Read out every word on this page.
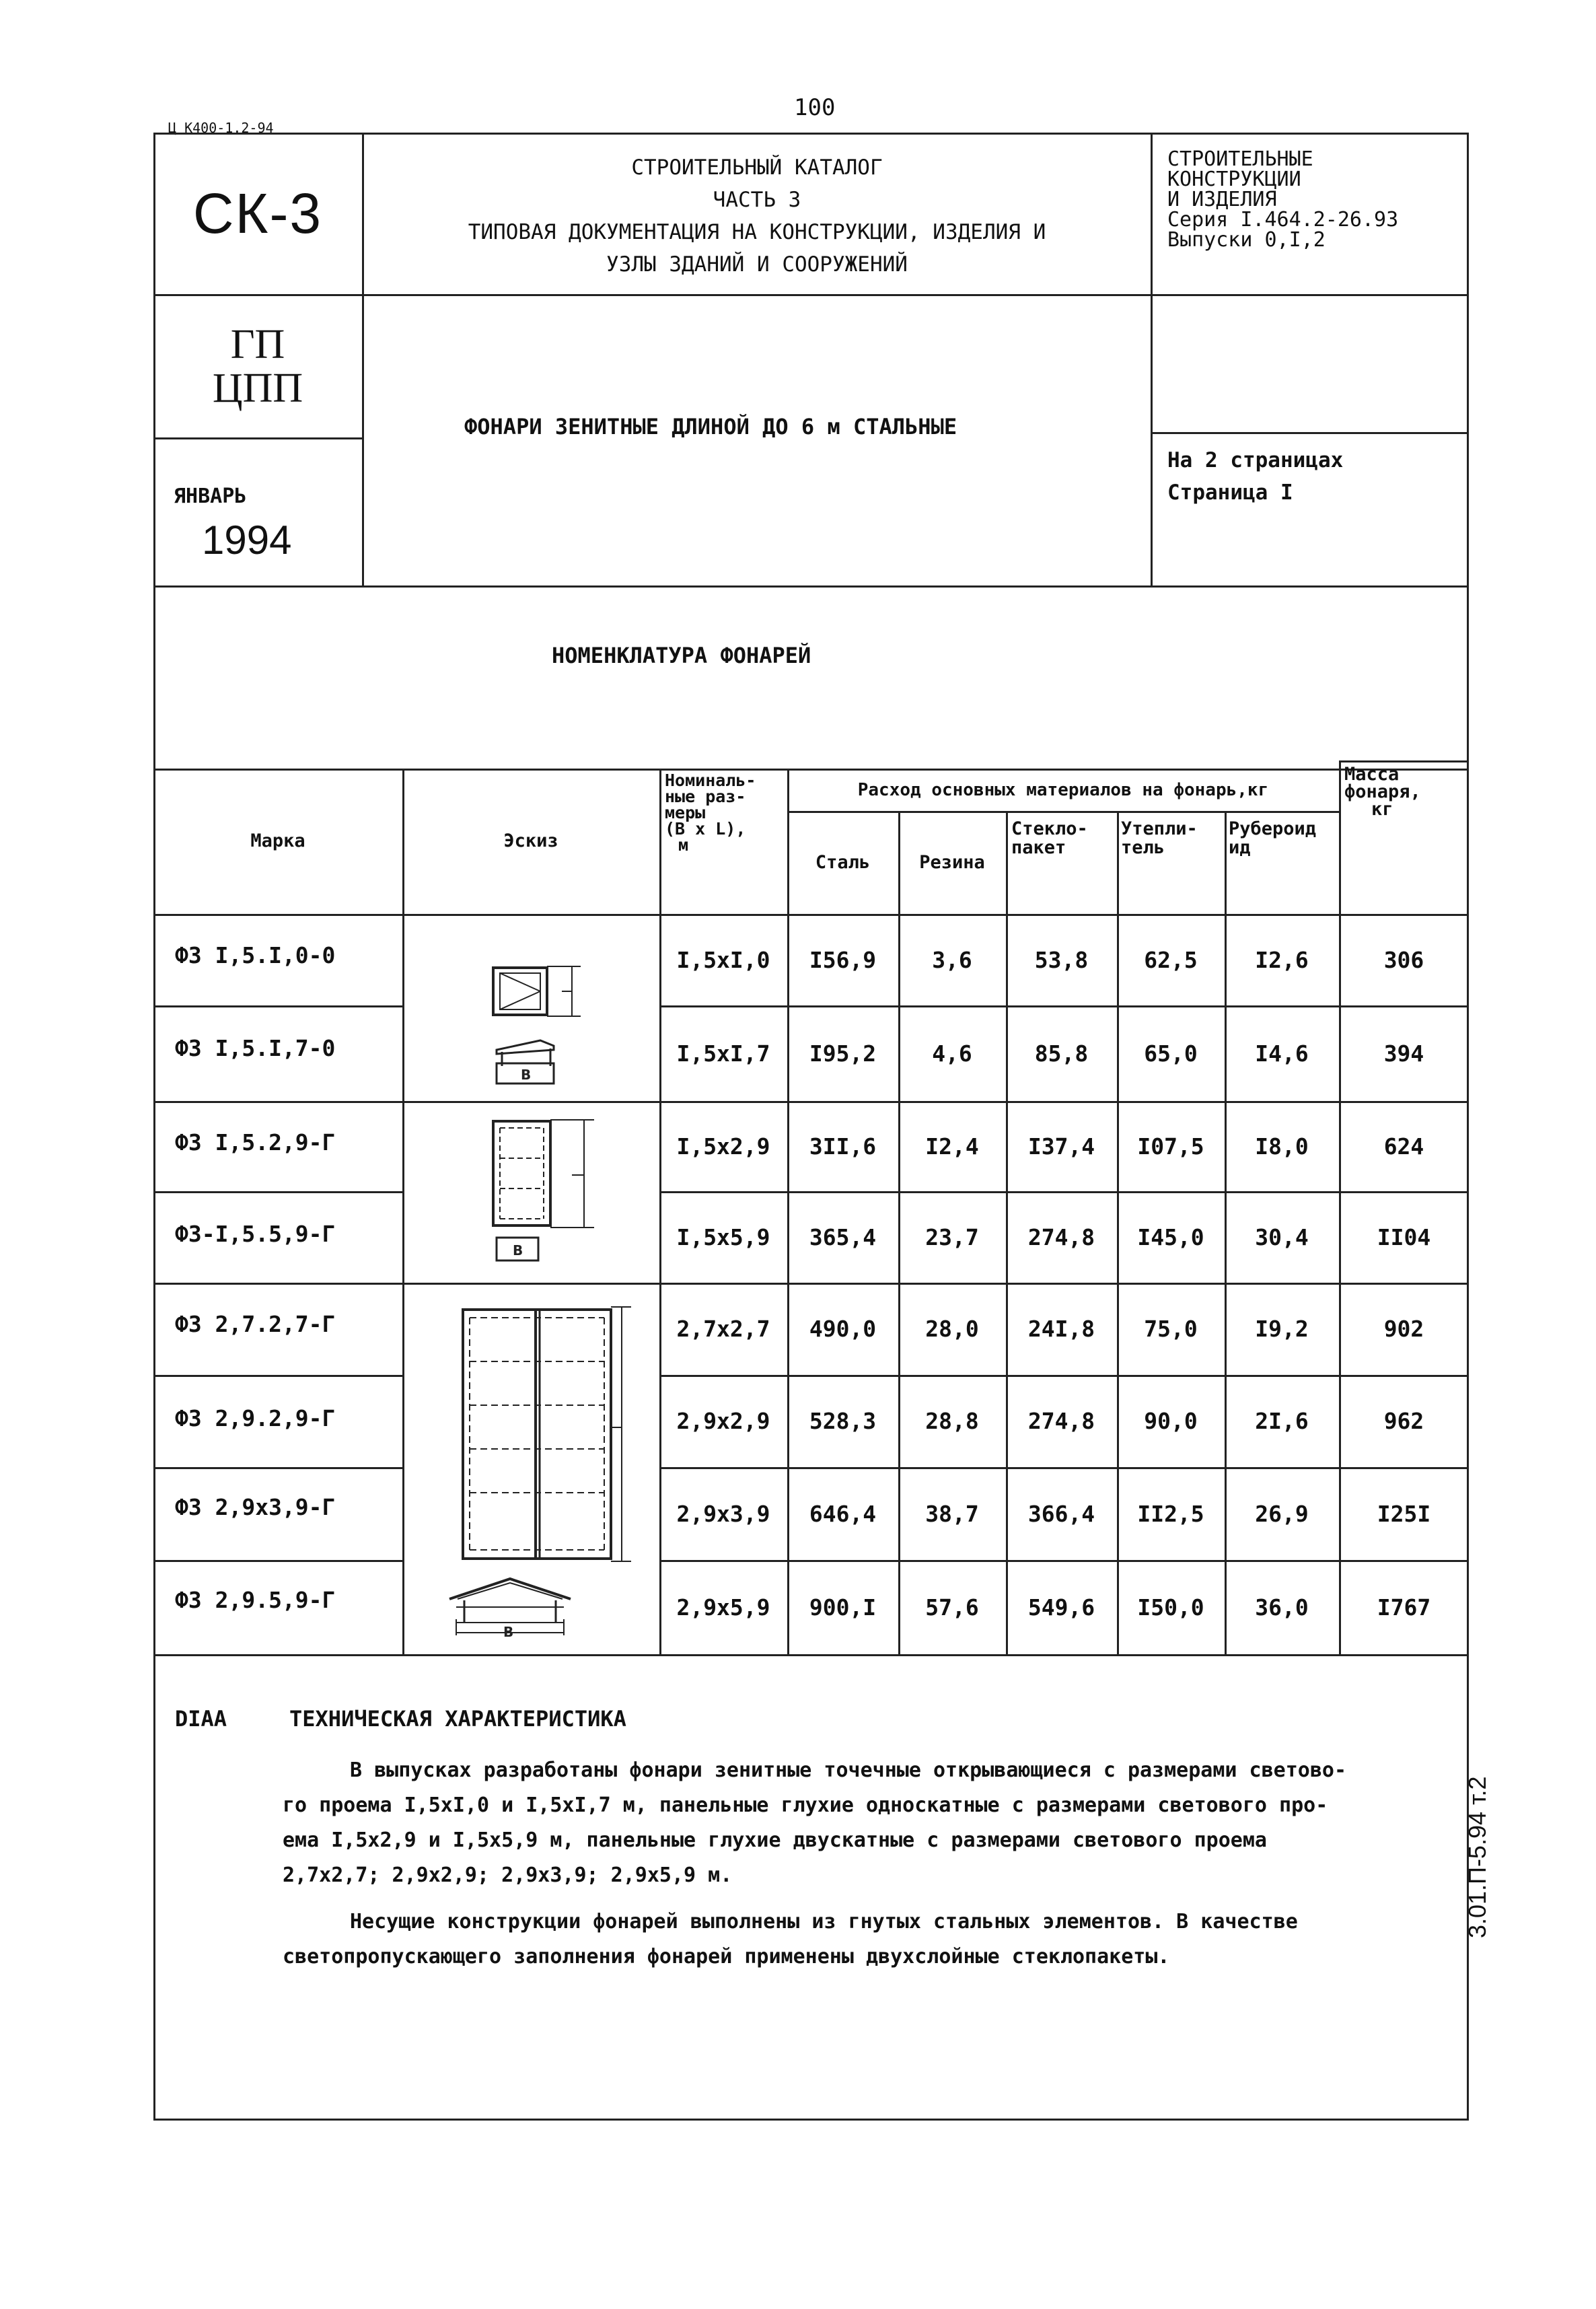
100
Ц К400-1.2-94
3.01.П-5.94 т.2
СК-3
ГП
ЦПП
ЯНВАРЬ
1994
СТРОИТЕЛЬНЫЙ КАТАЛОГ
ЧАСТЬ 3
ТИПОВАЯ ДОКУМЕНТАЦИЯ НА КОНСТРУКЦИИ, ИЗДЕЛИЯ И
УЗЛЫ ЗДАНИЙ И СООРУЖЕНИЙ
СТРОИТЕЛЬНЫЕ
КОНСТРУКЦИИ
И ИЗДЕЛИЯ
Серия I.464.2-26.93
Выпуски 0,I,2
ФОНАРИ ЗЕНИТНЫЕ ДЛИНОЙ ДО 6 м СТАЛЬНЫЕ
На 2 страницах
Страница I
НОМЕНКЛАТУРА ФОНАРЕЙ
Марка	Эскиз
Номиналь-
ные раз-
меры
(В х L),
м
Расход основных материалов на фонарь,кг
Масса
фонаря,
кг
Сталь	Резина
Стекло-
пакет
Утепли-
тель
Рубероид
ид
ФЗ I,5.I,0-0	I,5хI,0	I56,9	3,6	53,8	62,5	I2,6	306
ФЗ I,5.I,7-0	I,5хI,7	I95,2	4,6	85,8	65,0	I4,6	394
ФЗ I,5.2,9-Г	I,5х2,9	3II,6	I2,4	I37,4	I07,5	I8,0	624
ФЗ-I,5.5,9-Г	I,5х5,9	365,4	23,7	274,8	I45,0	30,4	II04
ФЗ 2,7.2,7-Г	2,7х2,7	490,0	28,0	24I,8	75,0	I9,2	902
ФЗ 2,9.2,9-Г	2,9х2,9	528,3	28,8	274,8	90,0	2I,6	962
ФЗ 2,9х3,9-Г	2,9х3,9	646,4	38,7	366,4	II2,5	26,9	I25I
ФЗ 2,9.5,9-Г	2,9х5,9	900,I	57,6	549,6	I50,0	36,0	I767
В
В
В
DIAA	ТЕХНИЧЕСКАЯ ХАРАКТЕРИСТИКА
В выпусках разработаны фонари зенитные точечные открывающиеся с размерами светово-
го проема I,5хI,0 и I,5хI,7 м, панельные глухие односкатные с размерами светового про-
ема I,5х2,9 и I,5х5,9 м, панельные глухие двускатные с размерами светового проема
2,7х2,7; 2,9х2,9; 2,9х3,9; 2,9х5,9 м.
Несущие конструкции фонарей выполнены из гнутых стальных элементов. В качестве
светопропускающего заполнения фонарей применены двухслойные стеклопакеты.
